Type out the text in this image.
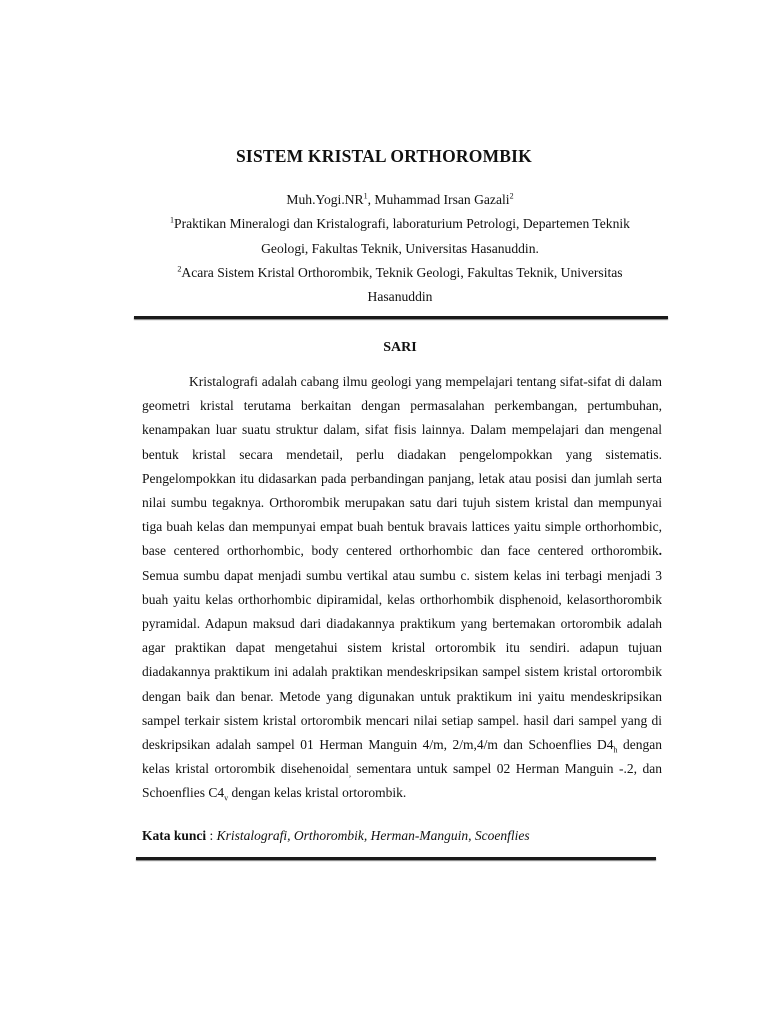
SISTEM KRISTAL ORTHOROMBIK
$Muh.Yogi.NR^1$, Muhammad Irsan Gazali$^2$
$^1$Praktikan Mineralogi dan Kristalografi, laboraturium Petrologi, Departemen Teknik
Geologi, Fakultas Teknik, Universitas Hasanuddin.
$^2$Acara Sistem Kristal Orthorombik, Teknik Geologi, Fakultas Teknik, Universitas
Hasanuddin
SARI

Kristalografi adalah cabang ilmu geologi yang mempelajari tentang sifat-sifat di dalam geometri kristal terutama berkaitan dengan permasalahan perkembangan, pertumbuhan, kenampakan luar suatu struktur dalam, sifat fisis lainnya. Dalam mempelajari dan mengenal bentuk kristal secara mendetail, perlu diadakan pengelompokkan yang sistematis. Pengelompokkan itu didasarkan pada perbandingan panjang, letak atau posisi dan jumlah serta nilai sumbu tegaknya. Orthorombik merupakan satu dari tujuh sistem kristal dan mempunyai tiga buah kelas dan mempunyai empat buah bentuk bravais lattices yaitu simple orthorhombic, base centered orthorhombic, body centered orthorhombic dan face centered orthorombik. Semua sumbu dapat menjadi sumbu vertikal atau sumbu c. sistem kelas ini terbagi menjadi 3 buah yaitu kelas orthorhombic dipiramidal, kelas orthorhombik disphenoid, kelasorthorombik pyramidal. Adapun maksud dari diadakannya praktikum yang bertemakan ortorombik adalah agar praktikan dapat mengetahui sistem kristal ortorombik itu sendiri. adapun tujuan diadakannya praktikum ini adalah praktikan mendeskripsikan sampel sistem kristal ortorombik dengan baik dan benar. Metode yang digunakan untuk praktikum ini yaitu mendeskripsikan sampel terkair sistem kristal ortorombik mencari nilai setiap sampel. hasil dari sampel yang di deskripsikan adalah sampel 01 Herman Manguin 4/m, 2/m,4/m dan Schoenflies $D4_h$ dengan kelas kristal ortorombik disehenoidal$_,$ sementara untuk sampel 02 Herman Manguin -.2, dan Schoenflies $C4_v$ dengan kelas kristal ortorombik.

Kata kunci : Kristalografi, Orthorombik, Herman-Manguin, Scoenflies
